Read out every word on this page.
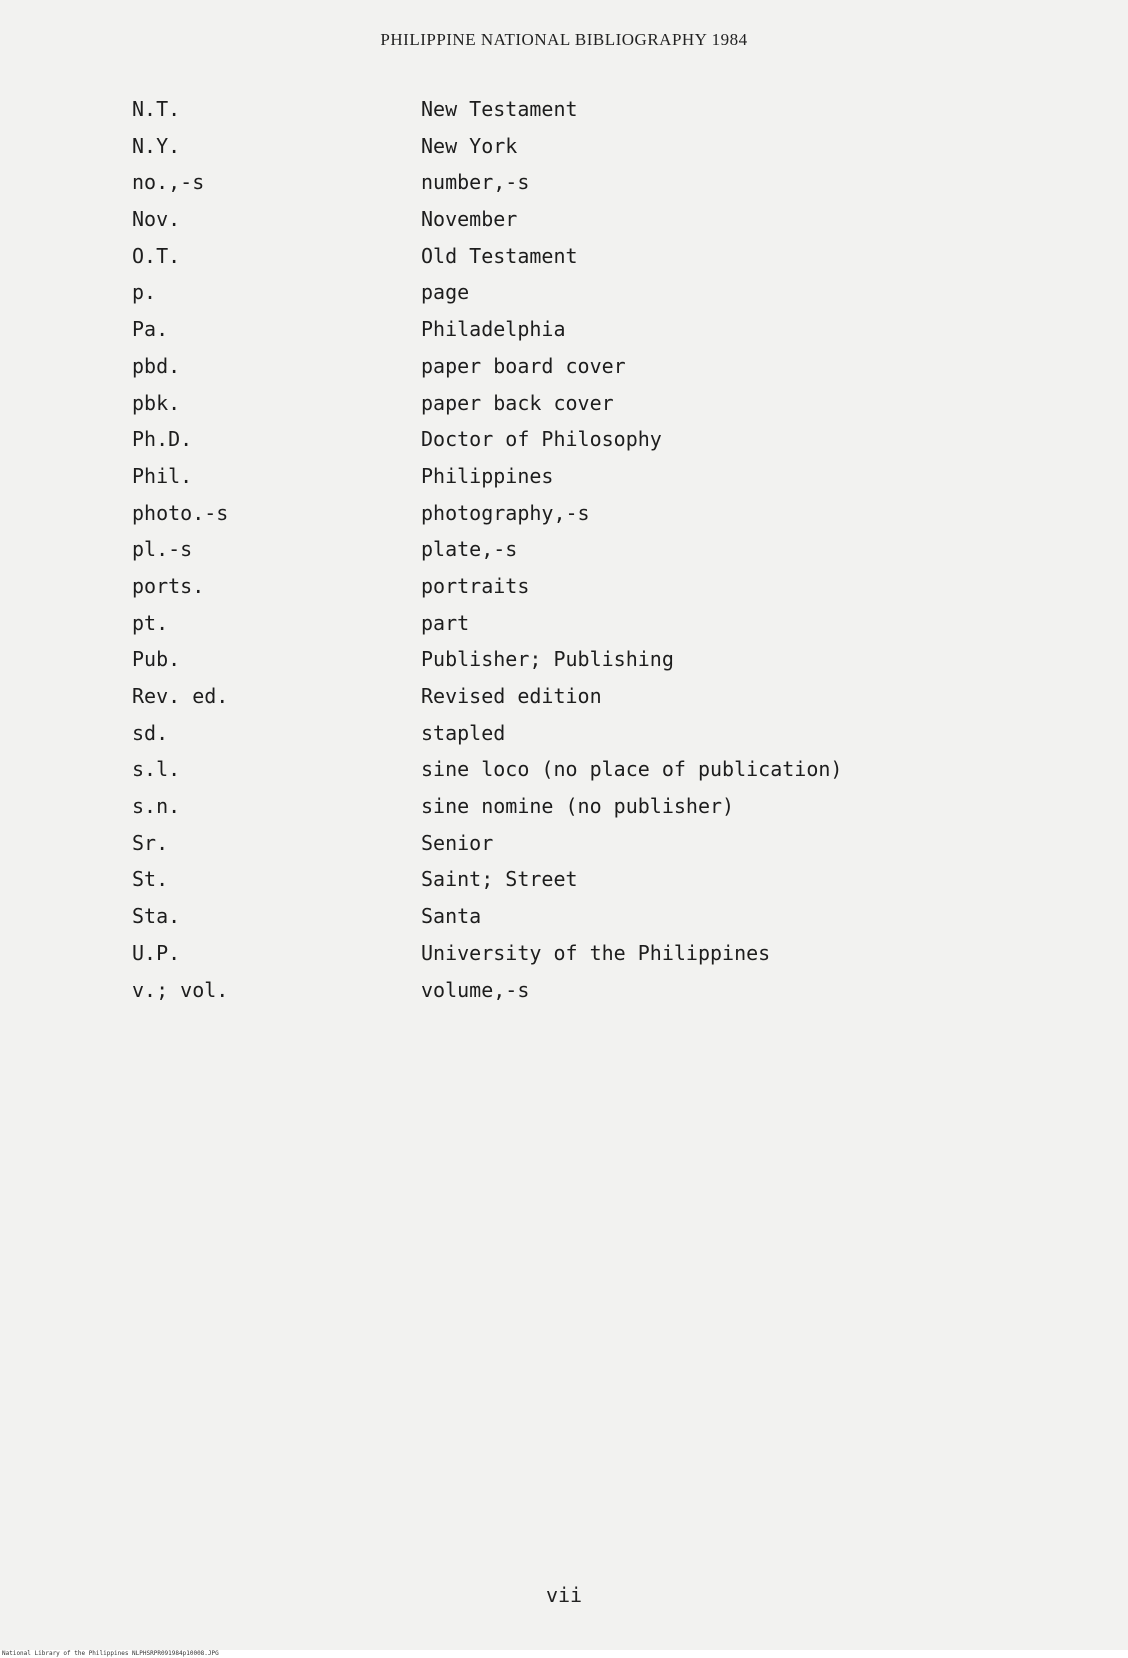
PHILIPPINE NATIONAL BIBLIOGRAPHY 1984
N.T.	New Testament
N.Y.	New York
no.,-s	number,-s
Nov.	November
O.T.	Old Testament
p.	page
Pa.	Philadelphia
pbd.	paper board cover
pbk.	paper back cover
Ph.D.	Doctor of Philosophy
Phil.	Philippines
photo.-s	photography,-s
pl.-s	plate,-s
ports.	portraits
pt.	part
Pub.	Publisher; Publishing
Rev. ed.	Revised edition
sd.	stapled
s.l.	sine loco (no place of publication)
s.n.	sine nomine (no publisher)
Sr.	Senior
St.	Saint; Street
Sta.	Santa
U.P.	University of the Philippines
v.; vol.	volume,-s
vii
National Library of the Philippines NLPHSRPR091984p10008.JPG
